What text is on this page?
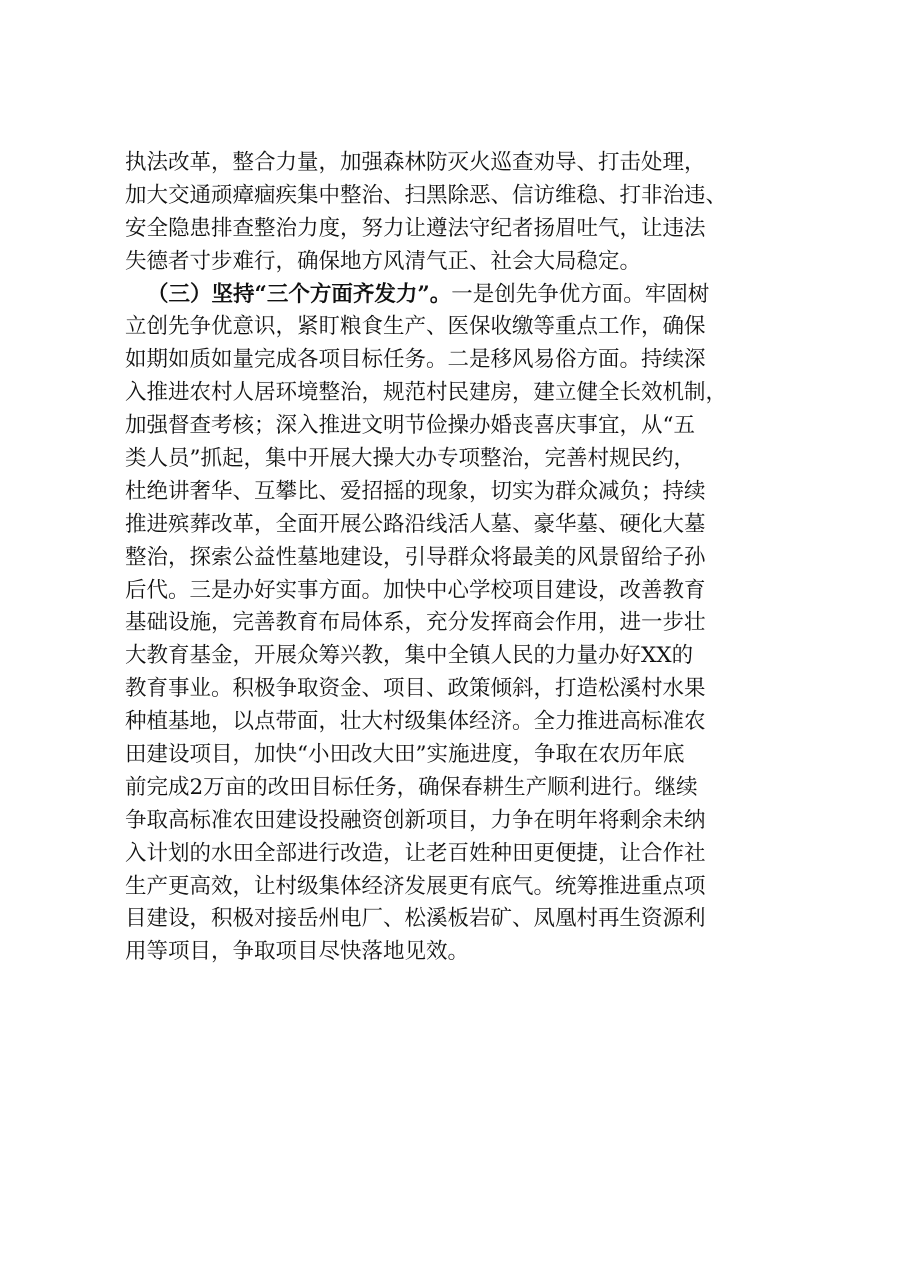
执法改革，整合力量，加强森林防灭火巡查劝导、打击处理，
加大交通顽瘴痼疾集中整治、扫黑除恶、信访维稳、打非治违、
安全隐患排查整治力度，努力让遵法守纪者扬眉吐气，让违法
失德者寸步难行，确保地方风清气正、社会大局稳定。
（三）坚持“三个方面齐发力”。一是创先争优方面。牢固树
立创先争优意识，紧盯粮食生产、医保收缴等重点工作，确保
如期如质如量完成各项目标任务。二是移风易俗方面。持续深
入推进农村人居环境整治，规范村民建房，建立健全长效机制，
加强督查考核；深入推进文明节俭操办婚丧喜庆事宜，从“五
类人员”抓起，集中开展大操大办专项整治，完善村规民约，
杜绝讲奢华、互攀比、爱招摇的现象，切实为群众减负；持续
推进殡葬改革，全面开展公路沿线活人墓、豪华墓、硬化大墓
整治，探索公益性墓地建设，引导群众将最美的风景留给子孙
后代。三是办好实事方面。加快中心学校项目建设，改善教育
基础设施，完善教育布局体系，充分发挥商会作用，进一步壮
大教育基金，开展众筹兴教，集中全镇人民的力量办好XX的
教育事业。积极争取资金、项目、政策倾斜，打造松溪村水果
种植基地，以点带面，壮大村级集体经济。全力推进高标准农
田建设项目，加快“小田改大田”实施进度，争取在农历年底
前完成2万亩的改田目标任务，确保春耕生产顺利进行。继续
争取高标准农田建设投融资创新项目，力争在明年将剩余未纳
入计划的水田全部进行改造，让老百姓种田更便捷，让合作社
生产更高效，让村级集体经济发展更有底气。统筹推进重点项
目建设，积极对接岳州电厂、松溪板岩矿、凤凰村再生资源利
用等项目，争取项目尽快落地见效。
